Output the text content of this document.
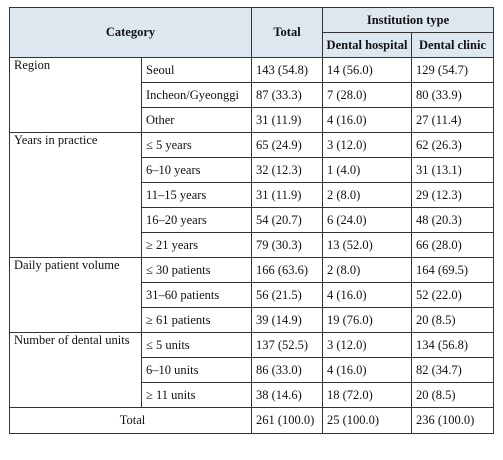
Category		Total	Institution type	
			Dental hospital	Dental clinic
Region	Seoul	143 (54.8)	14 (56.0)	129 (54.7)
	Incheon/Gyeonggi	87 (33.3)	7 (28.0)	80 (33.9)
	Other	31 (11.9)	4 (16.0)	27 (11.4)
Years in practice	≤ 5 years	65 (24.9)	3 (12.0)	62 (26.3)
	6–10 years	32 (12.3)	1 (4.0)	31 (13.1)
	11–15 years	31 (11.9)	2 (8.0)	29 (12.3)
	16–20 years	54 (20.7)	6 (24.0)	48 (20.3)
	≥ 21 years	79 (30.3)	13 (52.0)	66 (28.0)
Daily patient volume	≤ 30 patients	166 (63.6)	2 (8.0)	164 (69.5)
	31–60 patients	56 (21.5)	4 (16.0)	52 (22.0)
	≥ 61 patients	39 (14.9)	19 (76.0)	20 (8.5)
Number of dental units	≤ 5 units	137 (52.5)	3 (12.0)	134 (56.8)
	6–10 units	86 (33.0)	4 (16.0)	82 (34.7)
	≥ 11 units	38 (14.6)	18 (72.0)	20 (8.5)
Total		261 (100.0)	25 (100.0)	236 (100.0)
